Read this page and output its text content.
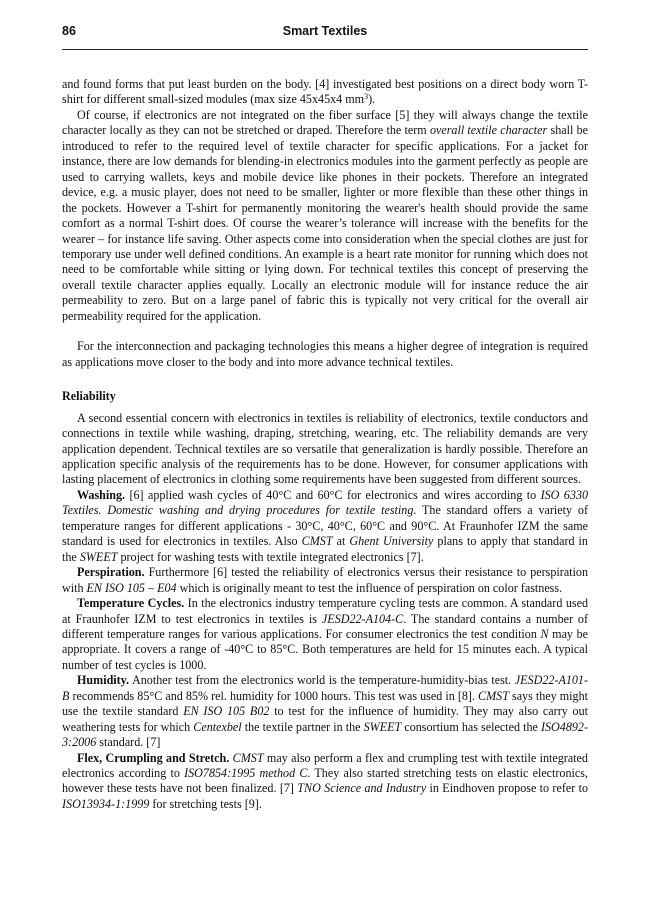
86	Smart Textiles

and found forms that put least burden on the body. [4] investigated best positions on a direct body worn T-shirt for different small-sized modules (max size 45x45x4 $mm^3$).

Of course, if electronics are not integrated on the fiber surface [5] they will always change the textile character locally as they can not be stretched or draped. Therefore the term overall textile character shall be introduced to refer to the required level of textile character for specific applications. For a jacket for instance, there are low demands for blending-in electronics modules into the garment perfectly as people are used to carrying wallets, keys and mobile device like phones in their pockets. Therefore an integrated device, e.g. a music player, does not need to be smaller, lighter or more flexible than these other things in the pockets. However a T-shirt for permanently monitoring the wearer's health should provide the same comfort as a normal T-shirt does. Of course the wearer’s tolerance will increase with the benefits for the wearer – for instance life saving. Other aspects come into consideration when the special clothes are just for temporary use under well defined conditions. An example is a heart rate monitor for running which does not need to be comfortable while sitting or lying down. For technical textiles this concept of preserving the overall textile character applies equally. Locally an electronic module will for instance reduce the air permeability to zero. But on a large panel of fabric this is typically not very critical for the overall air permeability required for the application.

For the interconnection and packaging technologies this means a higher degree of integration is required as applications move closer to the body and into more advance technical textiles.

Reliability

A second essential concern with electronics in textiles is reliability of electronics, textile conductors and connections in textile while washing, draping, stretching, wearing, etc. The reliability demands are very application dependent. Technical textiles are so versatile that generalization is hardly possible. Therefore an application specific analysis of the requirements has to be done. However, for consumer applications with lasting placement of electronics in clothing some requirements have been suggested from different sources.

Washing. [6] applied wash cycles of 40°C and 60°C for electronics and wires according to ISO 6330 Textiles. Domestic washing and drying procedures for textile testing. The standard offers a variety of temperature ranges for different applications - 30°C, 40°C, 60°C and 90°C. At Fraunhofer IZM the same standard is used for electronics in textiles. Also CMST at Ghent University plans to apply that standard in the SWEET project for washing tests with textile integrated electronics [7].

Perspiration. Furthermore [6] tested the reliability of electronics versus their resistance to perspiration with EN ISO 105 – E04 which is originally meant to test the influence of perspiration on color fastness.

Temperature Cycles. In the electronics industry temperature cycling tests are common. A standard used at Fraunhofer IZM to test electronics in textiles is JESD22-A104-C. The standard contains a number of different temperature ranges for various applications. For consumer electronics the test condition N may be appropriate. It covers a range of -40°C to 85°C. Both temperatures are held for 15 minutes each. A typical number of test cycles is 1000.

Humidity. Another test from the electronics world is the temperature-humidity-bias test. JESD22-A101-B recommends 85°C and 85% rel. humidity for 1000 hours. This test was used in [8]. CMST says they might use the textile standard EN ISO 105 B02 to test for the influence of humidity. They may also carry out weathering tests for which Centexbel the textile partner in the SWEET consortium has selected the ISO4892-3:2006 standard. [7]

Flex, Crumpling and Stretch. CMST may also perform a flex and crumpling test with textile integrated electronics according to ISO7854:1995 method C. They also started stretching tests on elastic electronics, however these tests have not been finalized. [7] TNO Science and Industry in Eindhoven propose to refer to ISO13934-1:1999 for stretching tests [9].
